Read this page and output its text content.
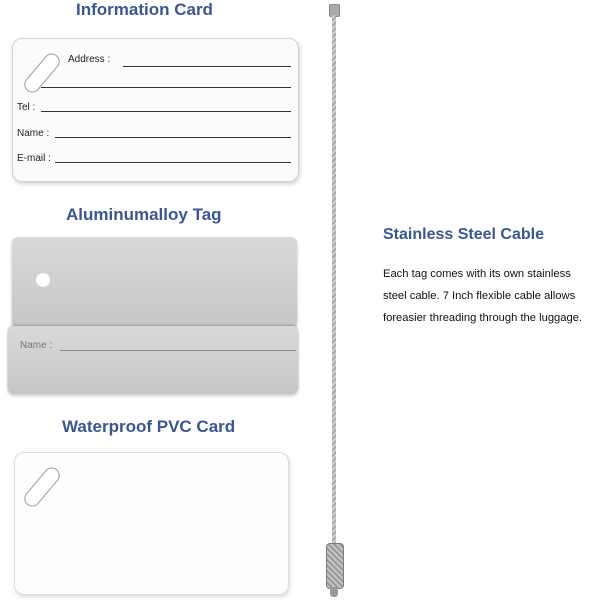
Information Card
Address :
Tel :
Name :
E-mail :
Aluminumalloy Tag
Name :
Waterproof PVC Card
Stainless Steel Cable
Each tag comes with its own stainless
steel cable. 7 Inch flexible cable allows
foreasier threading through the luggage.
